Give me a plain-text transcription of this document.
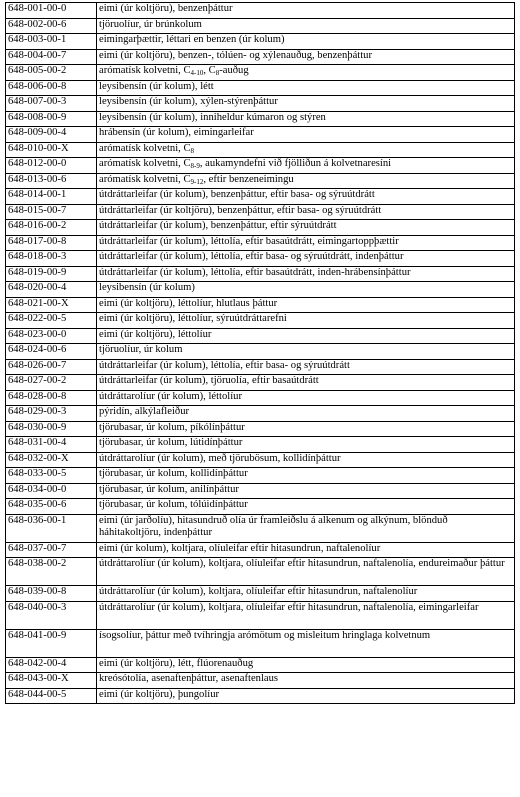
648-001-00-0	eimi (úr koltjöru), benzenþáttur
648-002-00-6	tjöruolíur, úr brúnkolum
648-003-00-1	eimingarþættir, léttari en benzen (úr kolum)
648-004-00-7	eimi (úr koltjöru), benzen-, tólúen- og xýlenauðug, benzenþáttur
648-005-00-2	arómatísk kolvetni, $C_{4-10}$, $C_8$-auðug
648-006-00-8	leysibensín (úr kolum), létt
648-007-00-3	leysibensín (úr kolum), xýlen-stýrenþáttur
648-008-00-9	leysibensín (úr kolum), inniheldur kúmaron og stýren
648-009-00-4	hrábensín (úr kolum), eimingarleifar
648-010-00-X	arómatísk kolvetni, $C_8$
648-012-00-0	arómatísk kolvetni, $C_{8-9}$, aukamyndefni við fjölliðun á kolvetnaresíni
648-013-00-6	arómatísk kolvetni, $C_{9-12}$, eftir benzeneimingu
648-014-00-1	útdráttarleifar (úr kolum), benzenþáttur, eftir basa- og sýruútdrátt
648-015-00-7	útdráttarleifar (úr koltjöru), benzenþáttur, eftir basa- og sýruútdrátt
648-016-00-2	útdráttarleifar (úr kolum), benzenþáttur, eftir sýruútdrátt
648-017-00-8	útdráttarleifar (úr kolum), léttolía, eftir basaútdrátt, eimingartoppþættir
648-018-00-3	útdráttarleifar (úr kolum), léttolía, eftir basa- og sýruútdrátt, indenþáttur
648-019-00-9	útdráttarleifar (úr kolum), léttolía, eftir basaútdrátt, inden-hrábensínþáttur
648-020-00-4	leysibensín (úr kolum)
648-021-00-X	eimi (úr koltjöru), léttolíur, hlutlaus þáttur
648-022-00-5	eimi (úr koltjöru), léttolíur, sýruútdráttarefni
648-023-00-0	eimi (úr koltjöru), léttolíur
648-024-00-6	tjöruolíur, úr kolum
648-026-00-7	útdráttarleifar (úr kolum), léttolía, eftir basa- og sýruútdrátt
648-027-00-2	útdráttarleifar (úr kolum), tjöruolía, eftir basaútdrátt
648-028-00-8	útdráttarolíur (úr kolum), léttolíur
648-029-00-3	pýridín, alkýlafleiður
648-030-00-9	tjörubasar, úr kolum, píkólínþáttur
648-031-00-4	tjörubasar, úr kolum, lútidínþáttur
648-032-00-X	útdráttarolíur (úr kolum), með tjörubösum, kollidínþáttur
648-033-00-5	tjörubasar, úr kolum, kollidínþáttur
648-034-00-0	tjörubasar, úr kolum, anilínþáttur
648-035-00-6	tjörubasar, úr kolum, tólúidínþáttur
648-036-00-1	eimi (úr jarðolíu), hitasundruð olía úr framleiðslu á alkenum og alkýnum, blönduð háhitakoltjöru, indenþáttur
648-037-00-7	eimi (úr kolum), koltjara, olíuleifar eftir hitasundrun, naftalenolíur
648-038-00-2	útdráttarolíur (úr kolum), koltjara, olíuleifar eftir hitasundrun, naftalenolía, endureimaður þáttur
648-039-00-8	útdráttarolíur (úr kolum), koltjara, olíuleifar eftir hitasundrun, naftalenolíur
648-040-00-3	útdráttarolíur (úr kolum), koltjara, olíuleifar eftir hitasundrun, naftalenolía, eimingarleifar
648-041-00-9	ísogsolíur, þáttur með tvíhringja arómötum og misleitum hringlaga kolvetnum
648-042-00-4	eimi (úr koltjöru), létt, flúorenauðug
648-043-00-X	kreósótolía, asenaftenþáttur, asenaftenlaus
648-044-00-5	eimi (úr koltjöru), þungolíur
